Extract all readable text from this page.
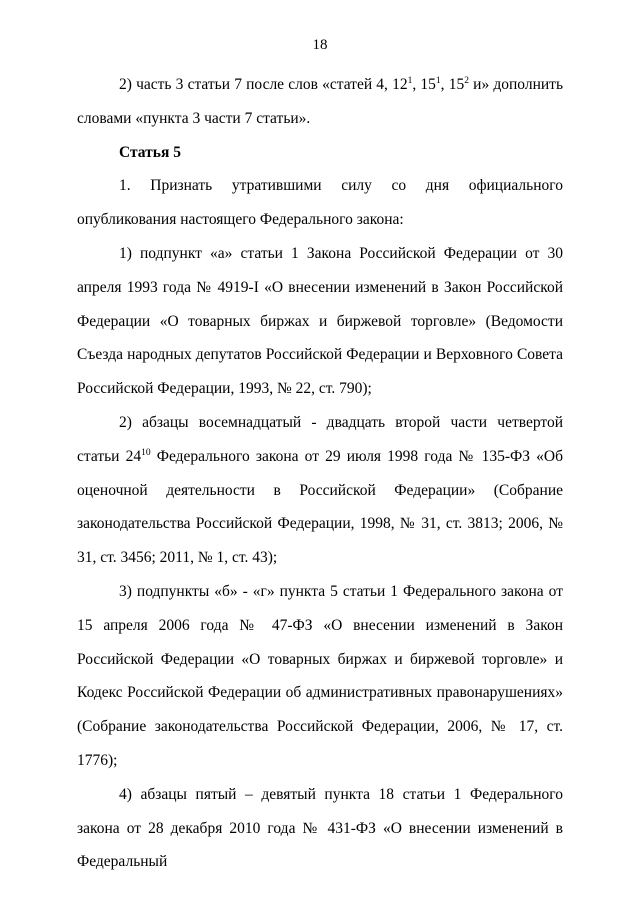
18

2) часть 3 статьи 7 после слов «статей 4, $12^1$, $15^1$, $15^2$ и» дополнить словами «пункта 3 части 7 статьи».

Статья 5

1. Признать утратившими силу со дня официального опубликования настоящего Федерального закона:

1) подпункт «а» статьи 1 Закона Российской Федерации от 30 апреля 1993 года № 4919-I «О внесении изменений в Закон Российской Федерации «О товарных биржах и биржевой торговле» (Ведомости Съезда народных депутатов Российской Федерации и Верховного Совета Российской Федерации, 1993, № 22, ст. 790);

2) абзацы восемнадцатый - двадцать второй части четвертой статьи $24^{10}$ Федерального закона от 29 июля 1998 года № 135-ФЗ «Об оценочной деятельности в Российской Федерации» (Собрание законодательства Российской Федерации, 1998, № 31, ст. 3813; 2006, № 31, ст. 3456; 2011, № 1, ст. 43);

3) подпункты «б» - «г» пункта 5 статьи 1 Федерального закона от 15 апреля 2006 года № 47-ФЗ «О внесении изменений в Закон Российской Федерации «О товарных биржах и биржевой торговле» и Кодекс Российской Федерации об административных правонарушениях» (Собрание законодательства Российской Федерации, 2006, № 17, ст. 1776);

4) абзацы пятый – девятый пункта 18 статьи 1 Федерального закона от 28 декабря 2010 года № 431-ФЗ «О внесении изменений в Федеральный
